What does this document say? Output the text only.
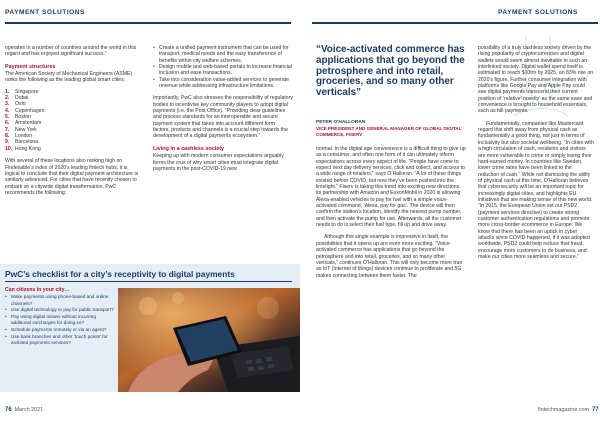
PAYMENT SOLUTIONS

operates in a number of countries around the world in this regard and has enjoyed significant success.”

Payment structures

The American Society of Mechanical Engineers (ASME) ranks the following as the leading global smart cities:

1.	Singapore
2.	Dubai
3.	Oslo
4.	Copenhagen
5.	Boston
6.	Amsterdam
7.	New York
8.	London
9.	Barcelona
10. Hong Kong

With several of these locations also ranking high on Findexable’s index of 2020’s leading fintech hubs, it is logical to conclude that their digital payment architecture is similarly advanced. For cities that have recently chosen to embark on a citywide digital transformation, PwC recommends the following:

• Create a unified payment instrument that can be used for transport, medical needs and the easy transference of benefits within city welfare schemes.
• Design mobile and web-based portals to increase financial inclusion and ease transactions.
• Take into consideration value-added services to generate revenue while addressing infrastructure limitations.

Importantly, PwC also stresses the responsibility of regulatory bodies to incentivise key community players to adopt digital payments (i.e. the Post Office). “Providing clear guidelines and process standards for an interoperable and secure payment system that takes into account different form factors, products and channels is a crucial step towards the development of a digital payments ecosystem.”

Living in a cashless society

Keeping up with modern consumer expectations arguably forms the crux of why smart cities must integrate digital payments in the post-COVID-19 new

PwC’s checklist for a city’s receptivity to digital payments
Can citizens in your city…
• Make payments using phone-based and online channels?
• Use digital technology to pay for public transport?
• Pay using digital means without incurring additional surcharges for doing so?
• Schedule payments remotely or via an agent?
• Use bank branches and other ‘touch points’ for assisted payments services?
76 March 2021
PAYMENT SOLUTIONS
“Voice-activated commerce has applications that go beyond the petrosphere and into retail, groceries, and so many other verticals”
PETER O’HALLORAN
VICE PRESIDENT AND GENERAL MANAGER OF GLOBAL DIGITAL COMMERCE, FISERV

normal. In the digital age convenience is a difficult thing to give up as a consumer, and often one form of it can ultimately inform expectations across every aspect of life. “People have come to expect next day delivery services, click and collect, and access to a wide range of retailers,” says O’Halloran. “A lot of these things existed before COVID, but now they’ve been pushed into the limelight.” Fiserv is taking this trend into exciting new directions, its partnership with Amazon and ExxonMobil in 2020 is allowing Alexa-enabled vehicles to pay for fuel with a simple voice-activated command, ‘Alexa, pay for gas’. The device will then confirm the station’s location, identify the nearest pump number, and then activate the pump for use. Afterwards, all the customer needs to do is select their fuel type, fill up and drive away.

Although this single example is impressive in itself, the possibilities that it opens up are even more exciting. “Voice-activated commerce has applications that go beyond the petrosphere and into retail, groceries, and so many other verticals,” continues O’Halloran. This will only become more true as IoT (Internet of things) devices continue to proliferate and 5G makes connecting between them faster. The

possibility of a truly cashless society driven by the rising popularity of cryptocurrencies and digital wallets would seem almost inevitable in such an interlinked society. Digital wallet spend itself is estimated to reach $10trn by 2025, an 83% rise on 2020’s figure. Further consumer integration with platforms like Google Pay and Apple Pay could see digital payments transcend their current position of ‘relative’ novelty’ as the same ease and convenience is brought to household essentials, such as bill payments.

Fundamentally, companies like Mastercard regard this shift away from physical cash as fundamentally a good thing, not just in terms of inclusivity but also societal wellbeing. “In cities with a high circulation of cash, residents and visitors are more vulnerable to crime or simply losing their hard-earned money. In countries like Sweden, lower crime rates have been linked to the reduction of cash.” While not dismissing the utility of physical cash at this time, O’Halloran believes that cybersecurity will be an important topic for increasingly digital cities, and highlights EU initiatives that are making sense of this new world. “In 2015, the European Union set out PSD2 (payment services directive) to create strong customer authentication regulations and promote more cross-border ecommerce in Europe. We know that there has been an uptick in cyber attacks since COVID happened, if it was adopted worldwide, PSD2 could help reduce that fraud, encourage more customers to do business, and make our cities more seamless and secure.”

fintechmagazine.com 77
